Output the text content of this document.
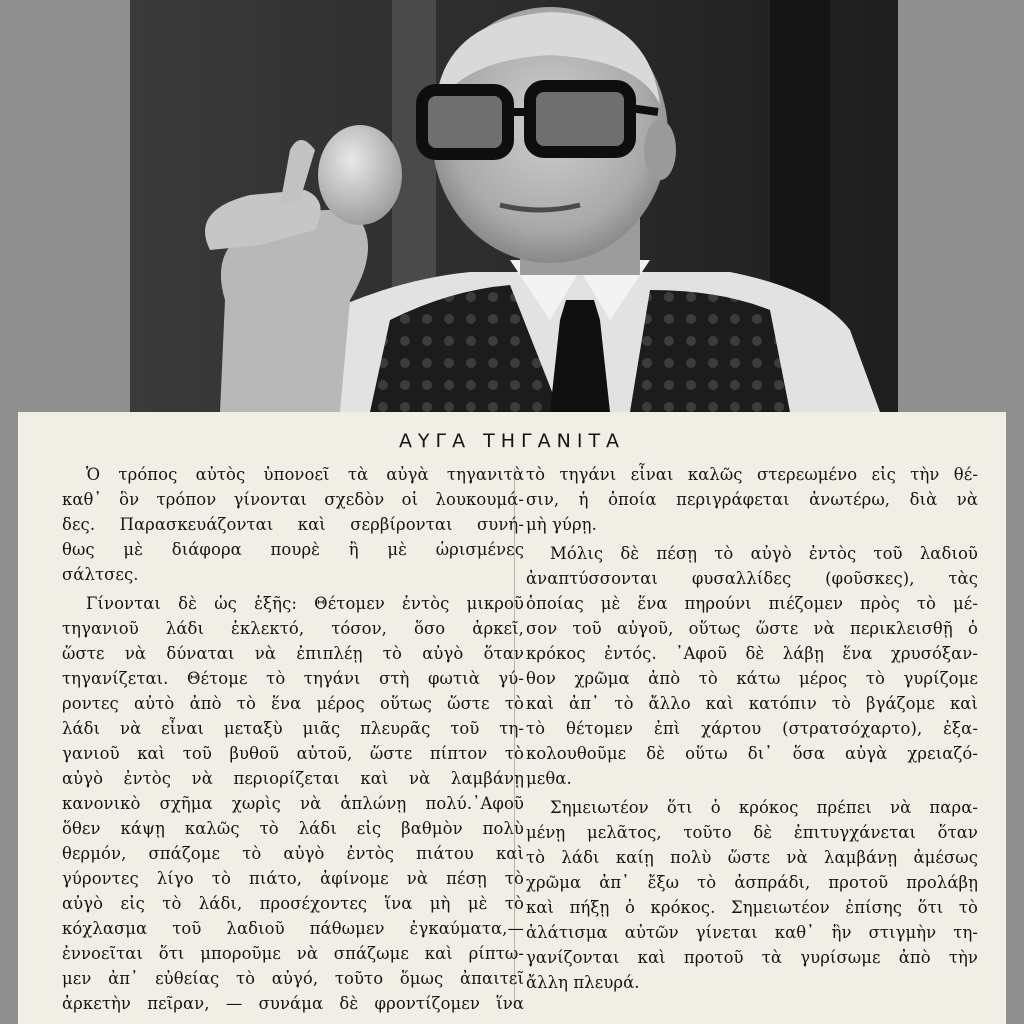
ΑΥΓΑ ΤΗΓΑΝΙΤΑ
Ὁ τρόπος αὐτὸς ὑπονοεῖ τὰ αὐγὰ τηγανιτὰ
καθ᾽ ὃν τρόπον γίνονται σχεδὸν οἱ λουκουμά-
δες. Παρασκευάζονται καὶ σερβίρονται συνή-
θως μὲ διάφορα πουρὲ ἢ μὲ ὡρισμένες
σάλτσες.
Γίνονται δὲ ὡς ἑξῆς: Θέτομεν ἐντὸς μικροῦ
τηγανιοῦ λάδι ἐκλεκτό, τόσον, ὅσο ἀρκεῖ,
ὥστε νὰ δύναται νὰ ἐπιπλέῃ τὸ αὐγὸ ὅταν
τηγανίζεται. Θέτομε τὸ τηγάνι στὴ φωτιὰ γύ-
ροντες αὐτὸ ἀπὸ τὸ ἕνα μέρος οὕτως ὥστε τὸ
λάδι νὰ εἶναι μεταξὺ μιᾶς πλευρᾶς τοῦ τη-
γανιοῦ καὶ τοῦ βυθοῦ αὐτοῦ, ὥστε πίπτον τὸ
αὐγὸ ἐντὸς νὰ περιορίζεται καὶ νὰ λαμβάνῃ
κανονικὸ σχῆμα χωρὶς νὰ ἁπλώνῃ πολύ.᾽Αφοῦ
ὅθεν κάψῃ καλῶς τὸ λάδι εἰς βαθμὸν πολὺ
θερμόν, σπάζομε τὸ αὐγὸ ἐντὸς πιάτου καὶ
γύροντες λίγο τὸ πιάτο, ἀφίνομε νὰ πέσῃ τὸ
αὐγὸ εἰς τὸ λάδι, προσέχοντες ἵνα μὴ μὲ τὸ
κόχλασμα τοῦ λαδιοῦ πάθωμεν ἐγκαύματα,—
ἐννοεῖται ὅτι μποροῦμε νὰ σπάζωμε καὶ ρίπτω-
μεν ἀπ᾽ εὐθείας τὸ αὐγό, τοῦτο ὅμως ἀπαιτεῖ
ἀρκετὴν πεῖραν, — συνάμα δὲ φροντίζομεν ἵνα
τὸ τηγάνι εἶναι καλῶς στερεωμένο εἰς τὴν θέ-
σιν, ἡ ὁποία περιγράφεται ἀνωτέρω, διὰ νὰ
μὴ γύρῃ.
Μόλις δὲ πέσῃ τὸ αὐγὸ ἐντὸς τοῦ λαδιοῦ
ἀναπτύσσονται φυσαλλίδες (φοῦσκες), τὰς
ὁποίας μὲ ἕνα πηρούνι πιέζομεν πρὸς τὸ μέ-
σον τοῦ αὐγοῦ, οὕτως ὥστε νὰ περικλεισθῇ ὁ
κρόκος ἐντός. ᾽Αφοῦ δὲ λάβῃ ἕνα χρυσόξαν-
θον χρῶμα ἀπὸ τὸ κάτω μέρος τὸ γυρίζομε
καὶ ἀπ᾽ τὸ ἄλλο καὶ κατόπιν τὸ βγάζομε καὶ
τὸ θέτομεν ἐπὶ χάρτου (στρατσόχαρτο), ἐξα-
κολουθοῦμε δὲ οὕτω δι᾽ ὅσα αὐγὰ χρειαζό-
μεθα.
Σημειωτέον ὅτι ὁ κρόκος πρέπει νὰ παρα-
μένῃ μελᾶτος, τοῦτο δὲ ἐπιτυγχάνεται ὅταν
τὸ λάδι καίῃ πολὺ ὥστε νὰ λαμβάνῃ ἀμέσως
χρῶμα ἀπ᾽ ἔξω τὸ ἀσπράδι, προτοῦ προλάβῃ
καὶ πήξῃ ὁ κρόκος. Σημειωτέον ἐπίσης ὅτι τὸ
ἁλάτισμα αὐτῶν γίνεται καθ᾽ ἣν στιγμὴν τη-
γανίζονται καὶ προτοῦ τὰ γυρίσωμε ἀπὸ τὴν
ἄλλη πλευρά.
